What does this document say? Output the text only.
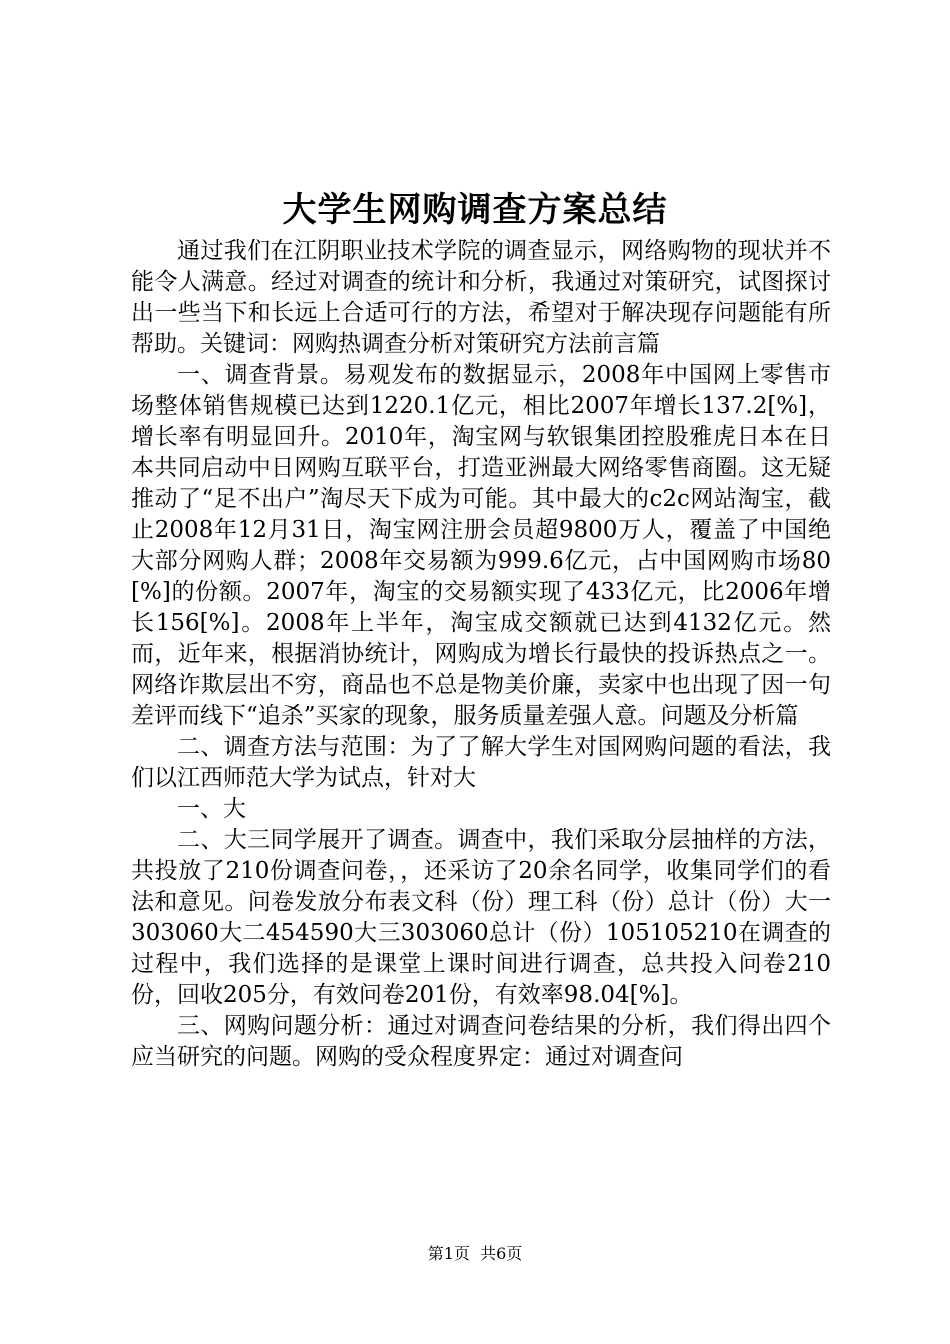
大学生网购调查方案总结

通过我们在江阴职业技术学院的调查显示，网络购物的现状并不能令人满意。经过对调查的统计和分析，我通过对策研究，试图探讨出一些当下和长远上合适可行的方法，希望对于解决现存问题能有所帮助。关键词：网购热调查分析对策研究方法前言篇

一、调查背景。易观发布的数据显示，2008年中国网上零售市场整体销售规模已达到1220.1亿元，相比2007年增长137.2[%]，增长率有明显回升。2010年，淘宝网与软银集团控股雅虎日本在日本共同启动中日网购互联平台，打造亚洲最大网络零售商圈。这无疑推动了“足不出户”淘尽天下成为可能。其中最大的c2c网站淘宝，截止2008年12月31日，淘宝网注册会员超9800万人，覆盖了中国绝大部分网购人群；2008年交易额为999.6亿元，占中国网购市场80[%]的份额。2007年，淘宝的交易额实现了433亿元，比2006年增长156[%]。2008年上半年，淘宝成交额就已达到4132亿元。然而，近年来，根据消协统计，网购成为增长行最快的投诉热点之一。网络诈欺层出不穷，商品也不总是物美价廉，卖家中也出现了因一句差评而线下“追杀”买家的现象，服务质量差强人意。问题及分析篇

二、调查方法与范围：为了了解大学生对国网购问题的看法，我们以江西师范大学为试点，针对大

一、大

二、大三同学展开了调查。调查中，我们采取分层抽样的方法，共投放了210份调查问卷，，还采访了20余名同学，收集同学们的看法和意见。问卷发放分布表文科（份）理工科（份）总计（份）大一303060大二454590大三303060总计（份）105105210在调查的过程中，我们选择的是课堂上课时间进行调查，总共投入问卷210份，回收205分，有效问卷201份，有效率98.04[%]。

三、网购问题分析：通过对调查问卷结果的分析，我们得出四个应当研究的问题。网购的受众程度界定：通过对调查问

第1页  共6页
